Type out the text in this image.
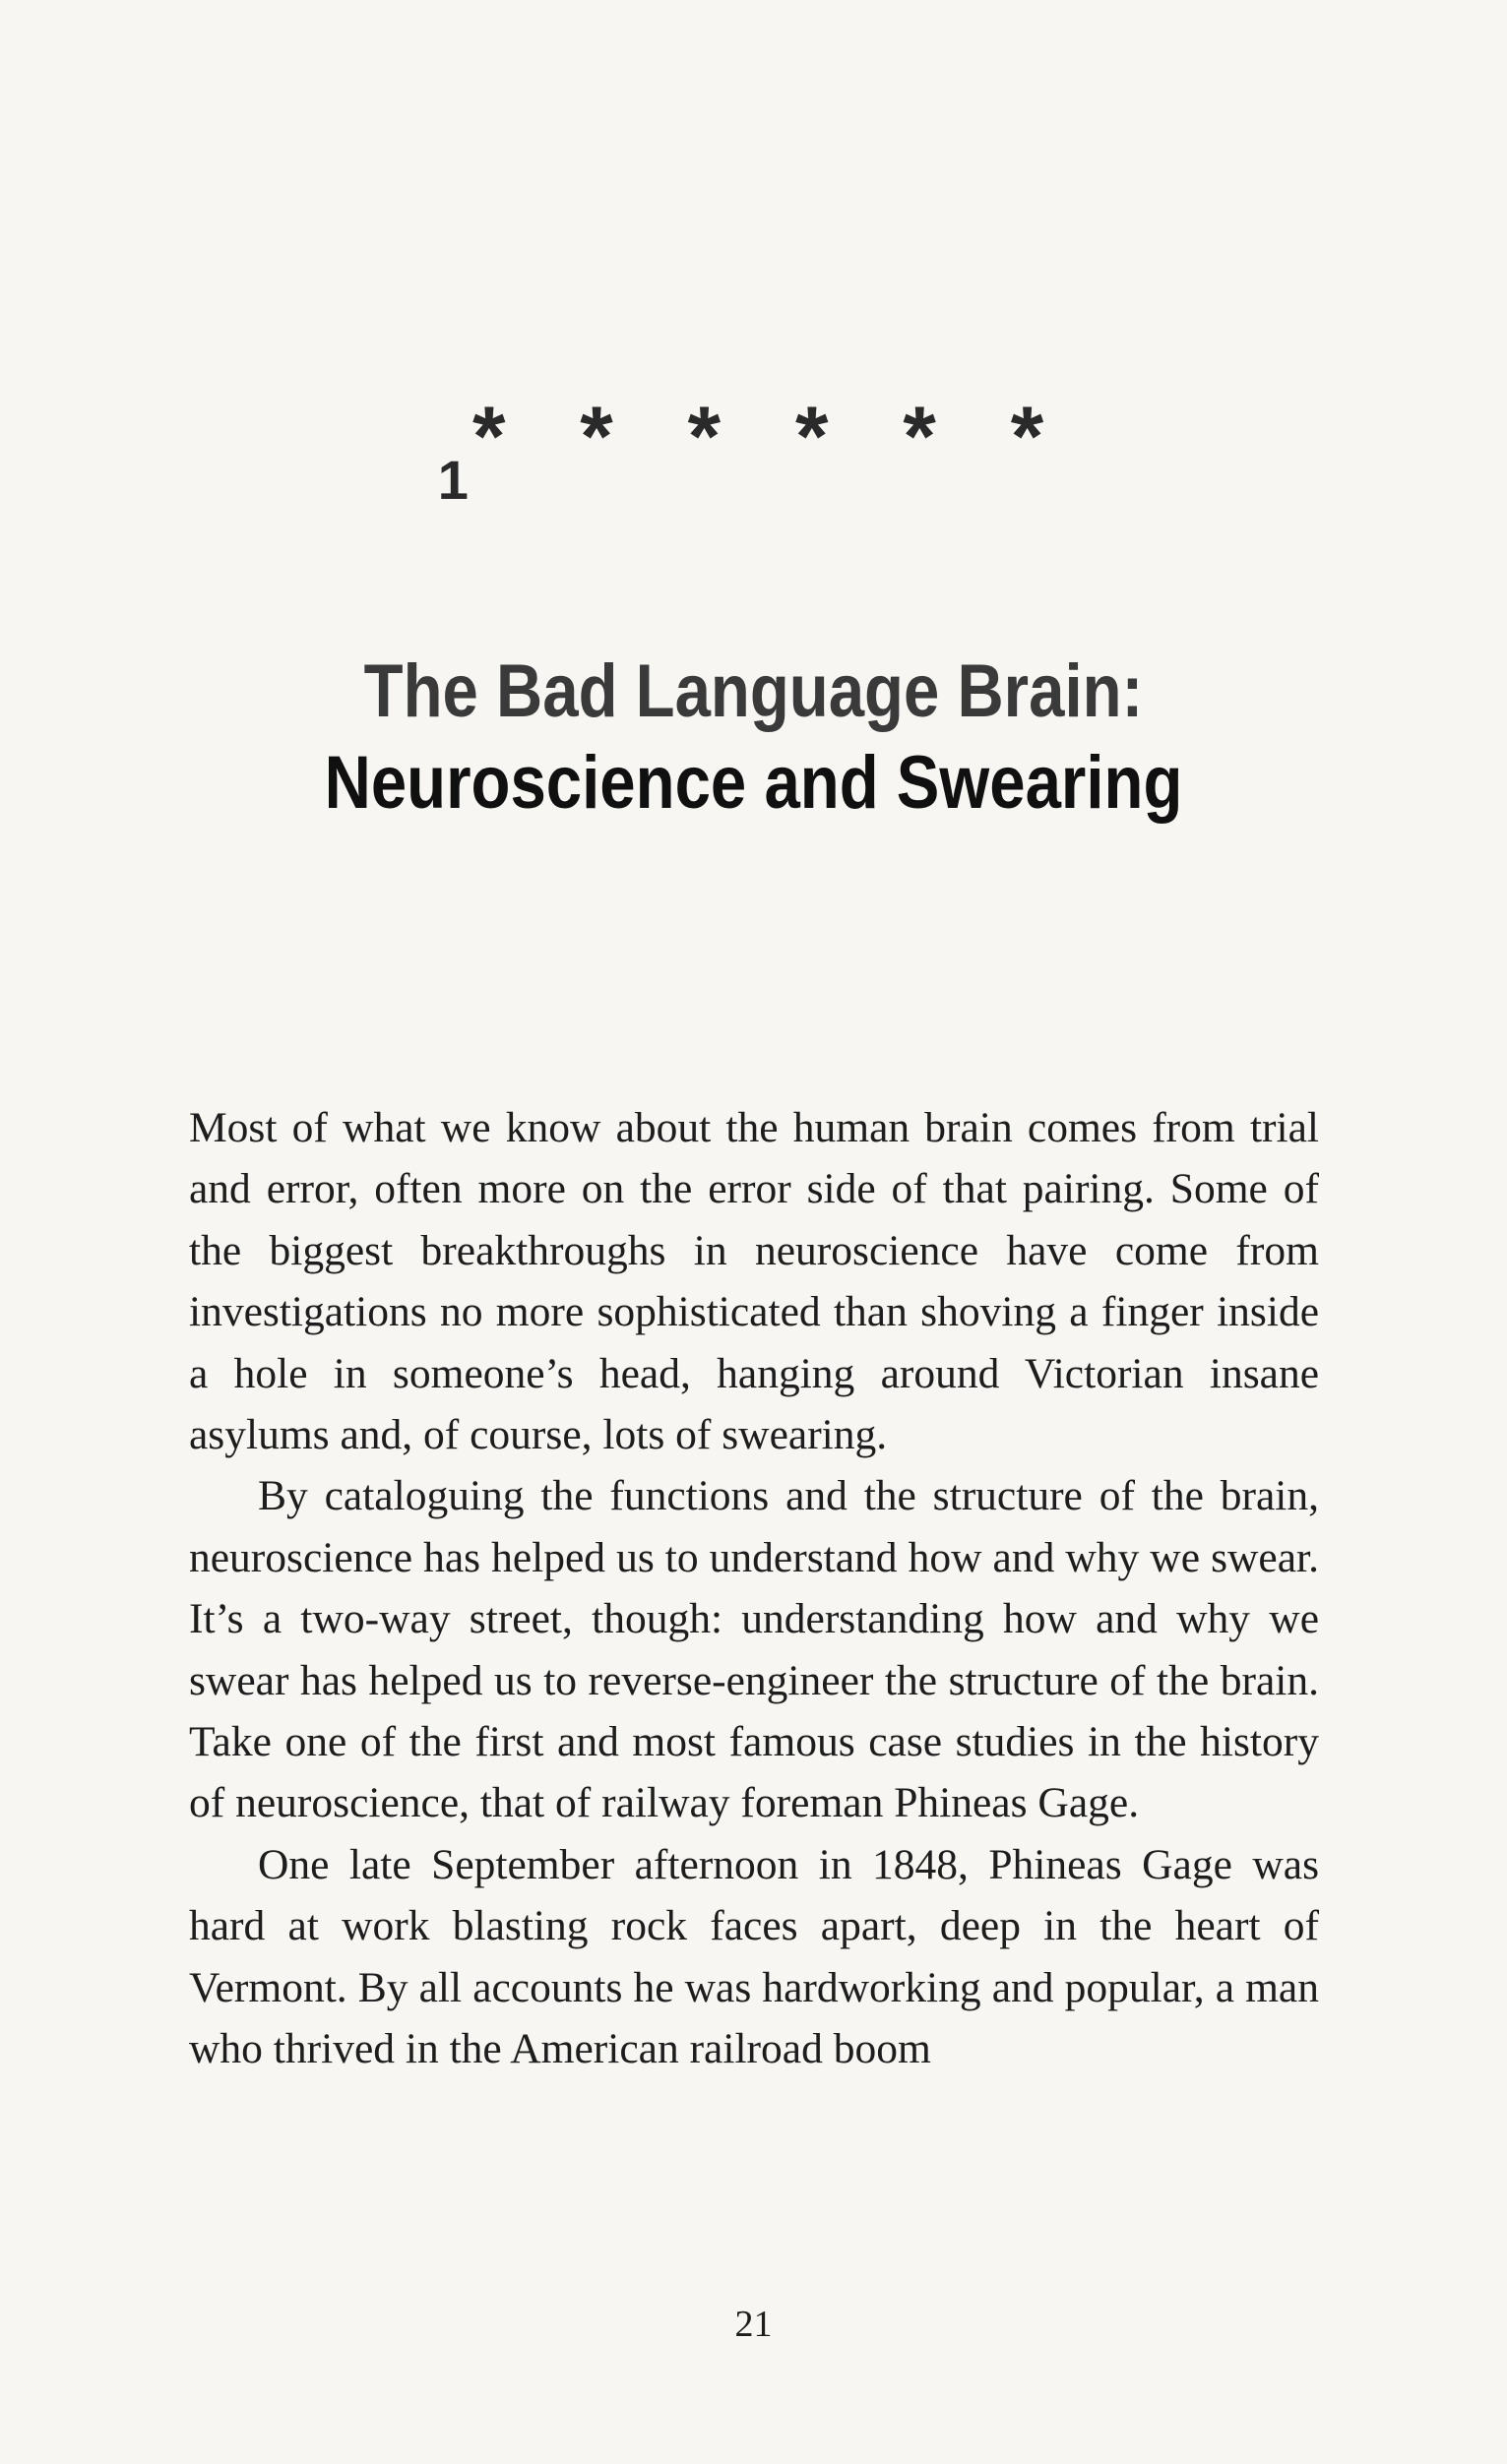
1* * * * * *
The Bad Language Brain:
Neuroscience and Swearing

Most of what we know about the human brain comes from trial and error, often more on the error side of that pairing. Some of the biggest breakthroughs in neuroscience have come from investigations no more sophisticated than shoving a finger inside a hole in someone’s head, hanging around Victorian insane asylums and, of course, lots of swearing.

By cataloguing the functions and the structure of the brain, neuroscience has helped us to understand how and why we swear. It’s a two-way street, though: understanding how and why we swear has helped us to reverse-engineer the structure of the brain. Take one of the first and most famous case studies in the history of neuroscience, that of railway foreman Phineas Gage.

One late September afternoon in 1848, Phineas Gage was hard at work blasting rock faces apart, deep in the heart of Vermont. By all accounts he was hardworking and popular, a man who thrived in the American railroad boom

21
